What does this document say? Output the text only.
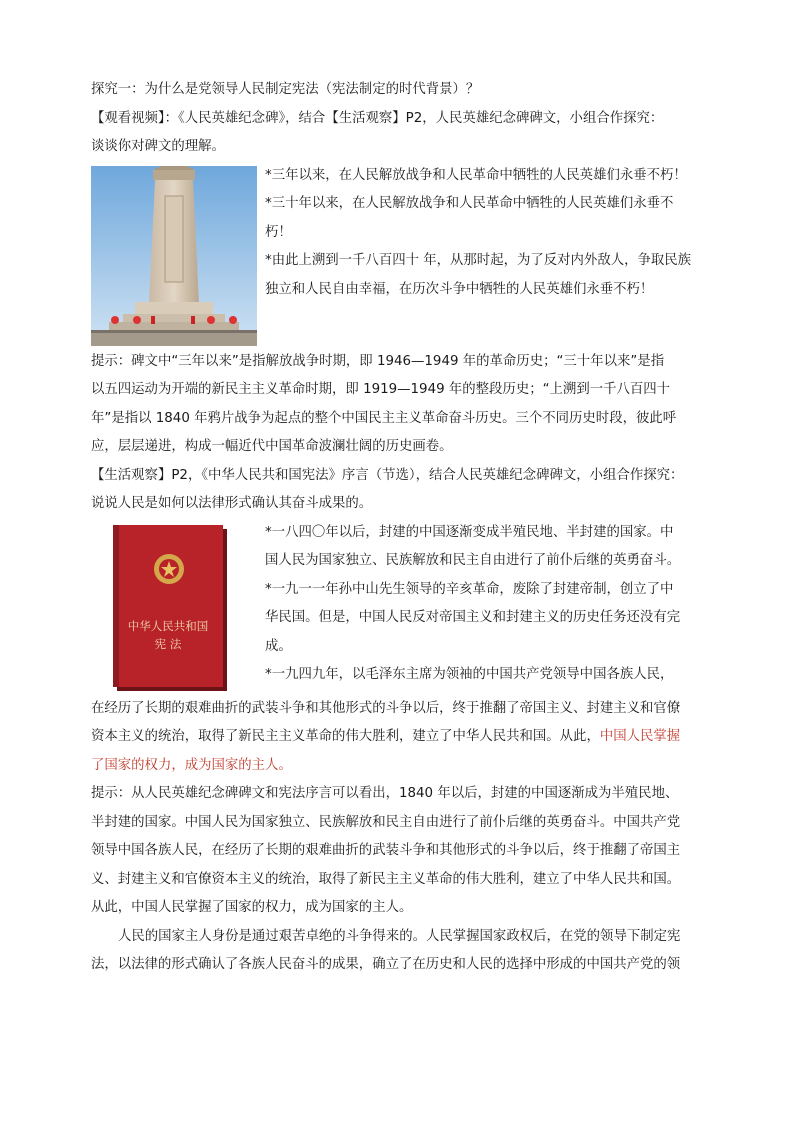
探究一：为什么是党领导人民制定宪法（宪法制定的时代背景）？
【观看视频】：《人民英雄纪念碑》，结合【生活观察】P2，人民英雄纪念碑碑文，小组合作探究：
谈谈你对碑文的理解。
*三年以来，在人民解放战争和人民革命中牺牲的人民英雄们永垂不朽！
*三十年以来，在人民解放战争和人民革命中牺牲的人民英雄们永垂不
朽！
*由此上溯到一千八百四十 年，从那时起，为了反对内外敌人，争取民族
独立和人民自由幸福，在历次斗争中牺牲的人民英雄们永垂不朽！
提示：碑文中“三年以来”是指解放战争时期，即 1946—1949 年的革命历史；“三十年以来”是指
以五四运动为开端的新民主主义革命时期，即 1919—1949 年的整段历史；“上溯到一千八百四十
年”是指以 1840 年鸦片战争为起点的整个中国民主主义革命奋斗历史。三个不同历史时段，彼此呼
应，层层递进，构成一幅近代中国革命波澜壮阔的历史画卷。
【生活观察】P2，《中华人民共和国宪法》序言（节选），结合人民英雄纪念碑碑文，小组合作探究：
说说人民是如何以法律形式确认其奋斗成果的。
中华人民共和国
宪 法
*一八四〇年以后，封建的中国逐渐变成半殖民地、半封建的国家。中
国人民为国家独立、民族解放和民主自由进行了前仆后继的英勇奋斗。
*一九一一年孙中山先生领导的辛亥革命，废除了封建帝制，创立了中
华民国。但是，中国人民反对帝国主义和封建主义的历史任务还没有完
成。
*一九四九年，以毛泽东主席为领袖的中国共产党领导中国各族人民，
在经历了长期的艰难曲折的武装斗争和其他形式的斗争以后，终于推翻了帝国主义、封建主义和官僚
资本主义的统治，取得了新民主主义革命的伟大胜利，建立了中华人民共和国。从此，中国人民掌握
了国家的权力，成为国家的主人。
提示：从人民英雄纪念碑碑文和宪法序言可以看出，1840 年以后，封建的中国逐渐成为半殖民地、
半封建的国家。中国人民为国家独立、民族解放和民主自由进行了前仆后继的英勇奋斗。中国共产党
领导中国各族人民，在经历了长期的艰难曲折的武装斗争和其他形式的斗争以后，终于推翻了帝国主
义、封建主义和官僚资本主义的统治，取得了新民主主义革命的伟大胜利，建立了中华人民共和国。
从此，中国人民掌握了国家的权力，成为国家的主人。
人民的国家主人身份是通过艰苦卓绝的斗争得来的。人民掌握国家政权后，在党的领导下制定宪
法，以法律的形式确认了各族人民奋斗的成果，确立了在历史和人民的选择中形成的中国共产党的领
